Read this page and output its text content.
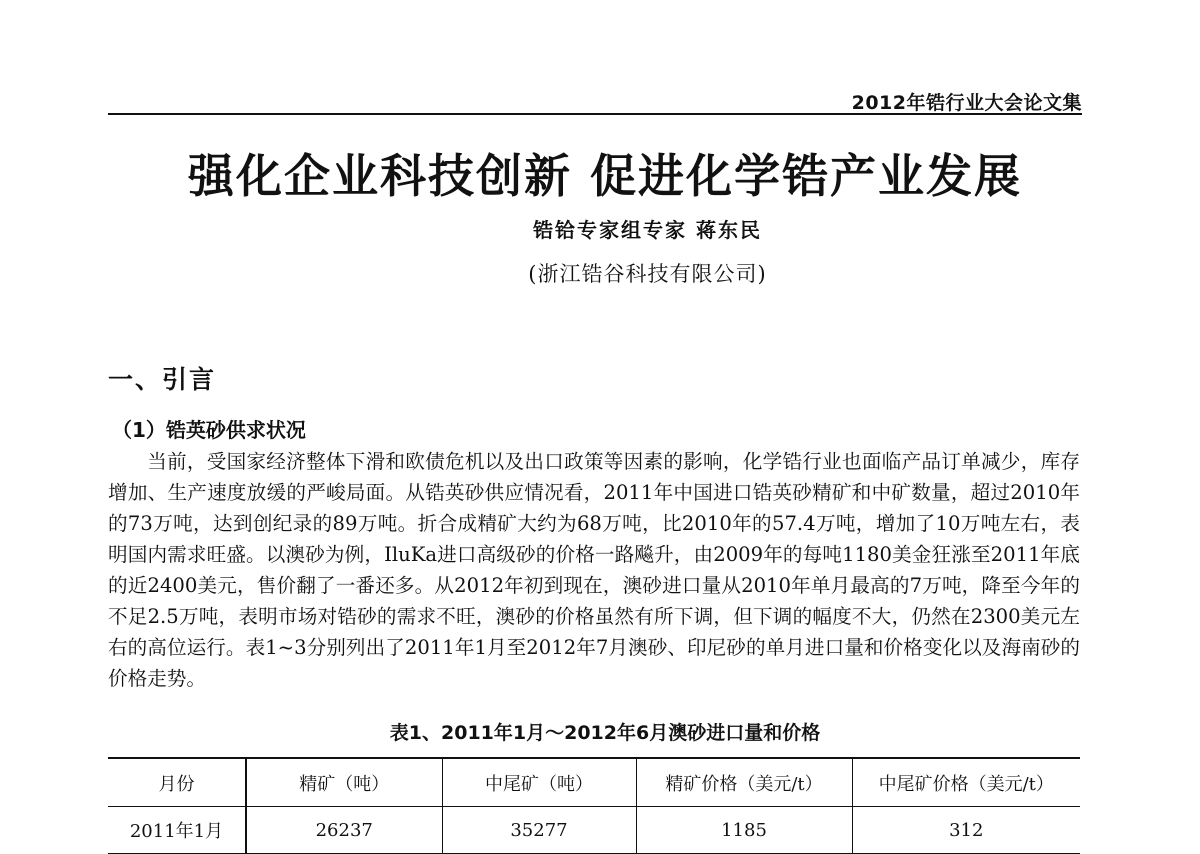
2012年锆行业大会论文集
强化企业科技创新 促进化学锆产业发展
锆铪专家组专家 蒋东民
(浙江锆谷科技有限公司)
一、引言
（1）锆英砂供求状况

当前，受国家经济整体下滑和欧债危机以及出口政策等因素的影响，化学锆行业也面临产品订单减少，库存增加、生产速度放缓的严峻局面。从锆英砂供应情况看，2011年中国进口锆英砂精矿和中矿数量，超过2010年的73万吨，达到创纪录的89万吨。折合成精矿大约为68万吨，比2010年的57.4万吨，增加了10万吨左右，表明国内需求旺盛。以澳砂为例，IluKa进口高级砂的价格一路飚升，由2009年的每吨1180美金狂涨至2011年底的近2400美元，售价翻了一番还多。从2012年初到现在，澳砂进口量从2010年单月最高的7万吨，降至今年的不足2.5万吨，表明市场对锆砂的需求不旺，澳砂的价格虽然有所下调，但下调的幅度不大，仍然在2300美元左右的高位运行。表1~3分别列出了2011年1月至2012年7月澳砂、印尼砂的单月进口量和价格变化以及海南砂的价格走势。

表1、2011年1月～2012年6月澳砂进口量和价格
月份	精矿（吨）	中尾矿（吨）	精矿价格（美元/t）	中尾矿价格（美元/t）
2011年1月	26237	35277	1185	312
